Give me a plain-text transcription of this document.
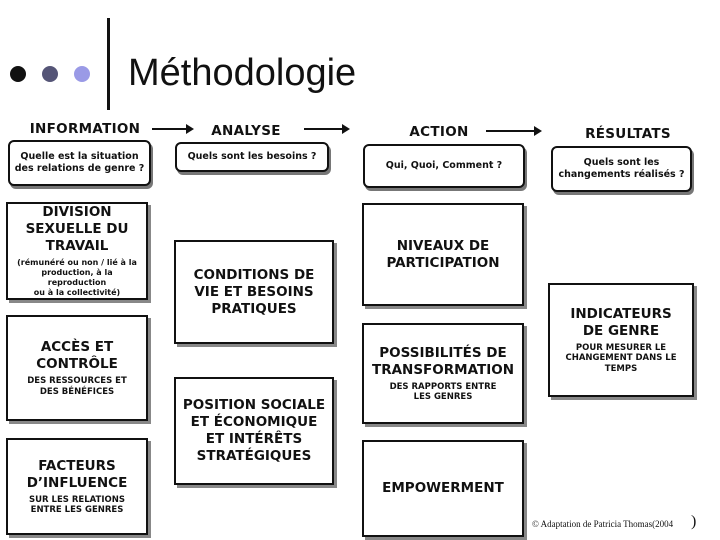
Méthodologie
INFORMATION	ANALYSE	ACTION	RÉSULTATS
Quelle est la situation
des relations de genre ?
Quels sont les besoins ?
Qui, Quoi, Comment ?	Quels sont les
changements réalisés ?
DIVISION
SEXUELLE DU
TRAVAIL
(rémunéré ou non / lié à la
production, à la reproduction
ou à la collectivité)
ACCÈS ET
CONTRÔLE
DES RESSOURCES ET
DES BÉNÉFICES
FACTEURS
D’INFLUENCE
SUR LES RELATIONS
ENTRE LES GENRES
CONDITIONS DE
VIE ET BESOINS
PRATIQUES
POSITION SOCIALE
ET ÉCONOMIQUE
ET INTÉRÊTS
STRATÉGIQUES
NIVEAUX DE
PARTICIPATION
POSSIBILITÉS DE
TRANSFORMATION
DES RAPPORTS ENTRE
LES GENRES
EMPOWERMENT
INDICATEURS
DE GENRE
POUR MESURER LE
CHANGEMENT DANS LE
TEMPS
© Adaptation de Patricia Thomas(2004 )
